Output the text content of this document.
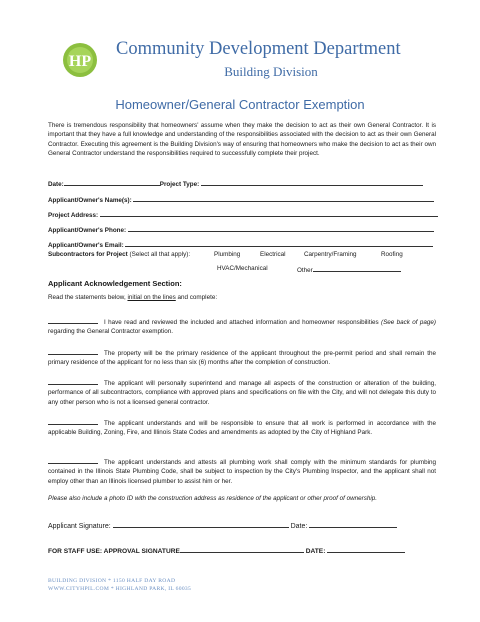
HP
Community Development Department
Building Division
Homeowner/General Contractor Exemption
There is tremendous responsibility that homeowners' assume when they make the decision to act as their own General Contractor. It is important that they have a full knowledge and understanding of the responsibilities associated with the decision to act as their own General Contractor. Executing this agreement is the Building Division's way of ensuring that homeowners who make the decision to act as their own General Contractor understand the responsibilities required to successfully complete their project.
Date:	Project Type:
Applicant/Owner's Name(s):
Project Address:
Applicant/Owner's Phone:
Applicant/Owner's Email:
Subcontractors for Project (Select all that apply):	Plumbing	Electrical	Carpentry/Framing	Roofing
HVAC/Mechanical	Other
Applicant Acknowledgement Section:
Read the statements below, initial on the lines and complete:
I have read and reviewed the included and attached information and homeowner responsibilities (See back of page) regarding the General Contractor exemption.
The property will be the primary residence of the applicant throughout the pre-permit period and shall remain the primary residence of the applicant for no less than six (6) months after the completion of construction.
The applicant will personally superintend and manage all aspects of the construction or alteration of the building, performance of all subcontractors, compliance with approved plans and specifications on file with the City, and will not delegate this duty to any other person who is not a licensed general contractor.
The applicant understands and will be responsible to ensure that all work is performed in accordance with the applicable Building, Zoning, Fire, and Illinois State Codes and amendments as adopted by the City of Highland Park.
The applicant understands and attests all plumbing work shall comply with the minimum standards for plumbing contained in the Illinois State Plumbing Code, shall be subject to inspection by the City's Plumbing Inspector, and the applicant shall not employ other than an Illinois licensed plumber to assist him or her.
Please also include a photo ID with the construction address as residence of the applicant or other proof of ownership.
Applicant Signature:	Date:
FOR STAFF USE: APPROVAL SIGNATURE	DATE:
BUILDING DIVISION * 1150 HALF DAY ROAD
WWW.CITYHPIL.COM * HIGHLAND PARK, IL 60035
